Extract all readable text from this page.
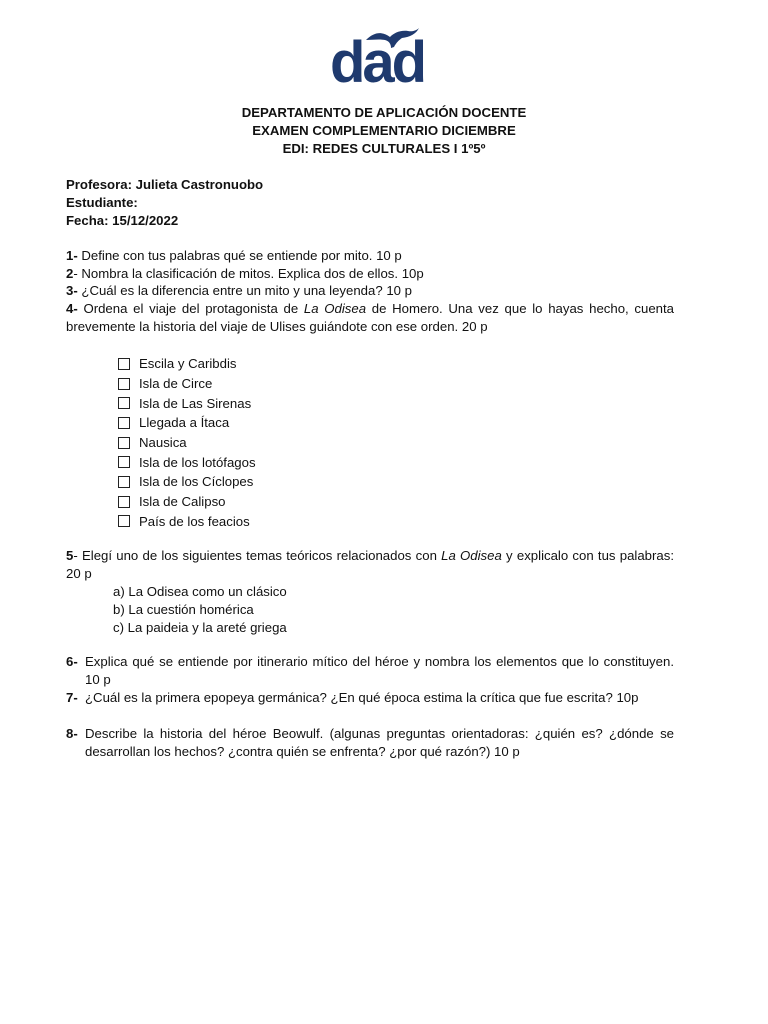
dad
DEPARTAMENTO DE APLICACIÓN DOCENTE
EXAMEN COMPLEMENTARIO DICIEMBRE
EDI: REDES CULTURALES I 1º5º
Profesora: Julieta Castronuobo
Estudiante:
Fecha: 15/12/2022
1- Define con tus palabras qué se entiende por mito. 10 p
2- Nombra la clasificación de mitos. Explica dos de ellos. 10p
3- ¿Cuál es la diferencia entre un mito y una leyenda? 10 p
4- Ordena el viaje del protagonista de La Odisea de Homero. Una vez que lo hayas hecho, cuenta brevemente la historia del viaje de Ulises guiándote con ese orden. 20 p
Escila y Caribdis
Isla de Circe
Isla de Las Sirenas
Llegada a Ítaca
Nausica
Isla de los lotófagos
Isla de los Cíclopes
Isla de Calipso
País de los feacios
5- Elegí uno de los siguientes temas teóricos relacionados con La Odisea y explicalo con tus palabras: 20 p
a) La Odisea como un clásico
b) La cuestión homérica
c) La paideia y la areté griega
6- Explica qué se entiende por itinerario mítico del héroe y nombra los elementos que lo constituyen. 10 p
7- ¿Cuál es la primera epopeya germánica? ¿En qué época estima la crítica que fue escrita? 10p
8- Describe la historia del héroe Beowulf. (algunas preguntas orientadoras: ¿quién es? ¿dónde se desarrollan los hechos? ¿contra quién se enfrenta? ¿por qué razón?) 10 p
